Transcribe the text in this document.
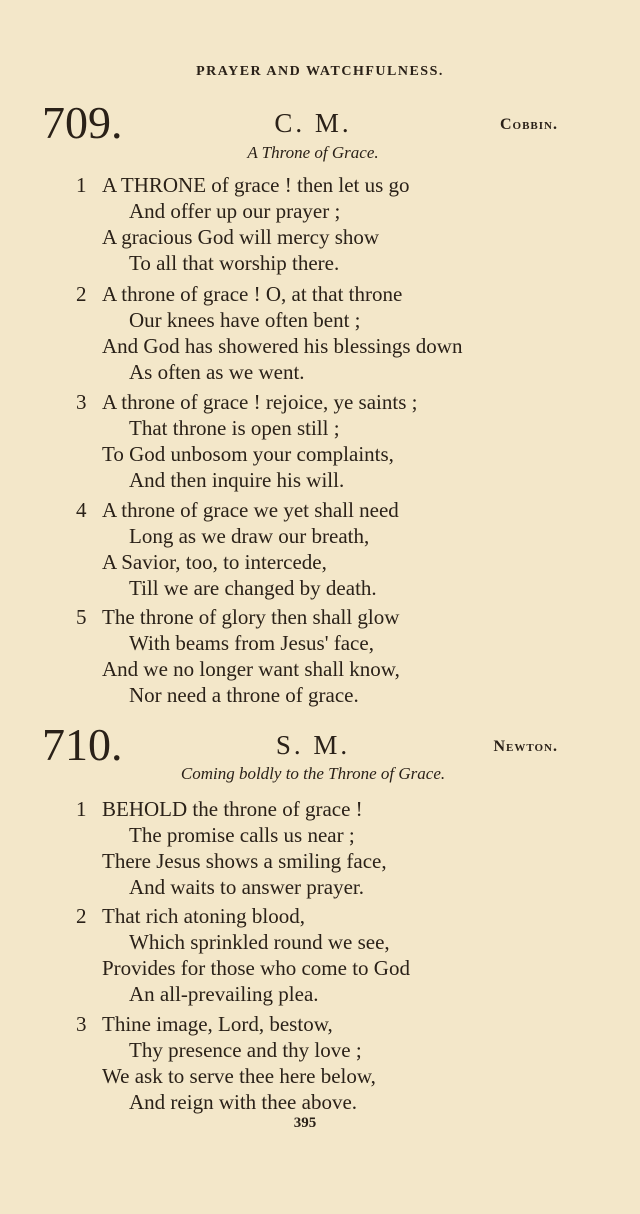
PRAYER AND WATCHFULNESS.
709.	C. M.	Cobbin.
A Throne of Grace.
1 A THRONE of grace ! then let us go
And offer up our prayer ;
A gracious God will mercy show
To all that worship there.
2 A throne of grace ! O, at that throne
Our knees have often bent ;
And God has showered his blessings down
As often as we went.
3 A throne of grace ! rejoice, ye saints ;
That throne is open still ;
To God unbosom your complaints,
And then inquire his will.
4 A throne of grace we yet shall need
Long as we draw our breath,
A Savior, too, to intercede,
Till we are changed by death.
5 The throne of glory then shall glow
With beams from Jesus' face,
And we no longer want shall know,
Nor need a throne of grace.
710.	S. M.	Newton.
Coming boldly to the Throne of Grace.
1 BEHOLD the throne of grace !
The promise calls us near ;
There Jesus shows a smiling face,
And waits to answer prayer.
2 That rich atoning blood,
Which sprinkled round we see,
Provides for those who come to God
An all-prevailing plea.
3 Thine image, Lord, bestow,
Thy presence and thy love ;
We ask to serve thee here below,
And reign with thee above.
395
